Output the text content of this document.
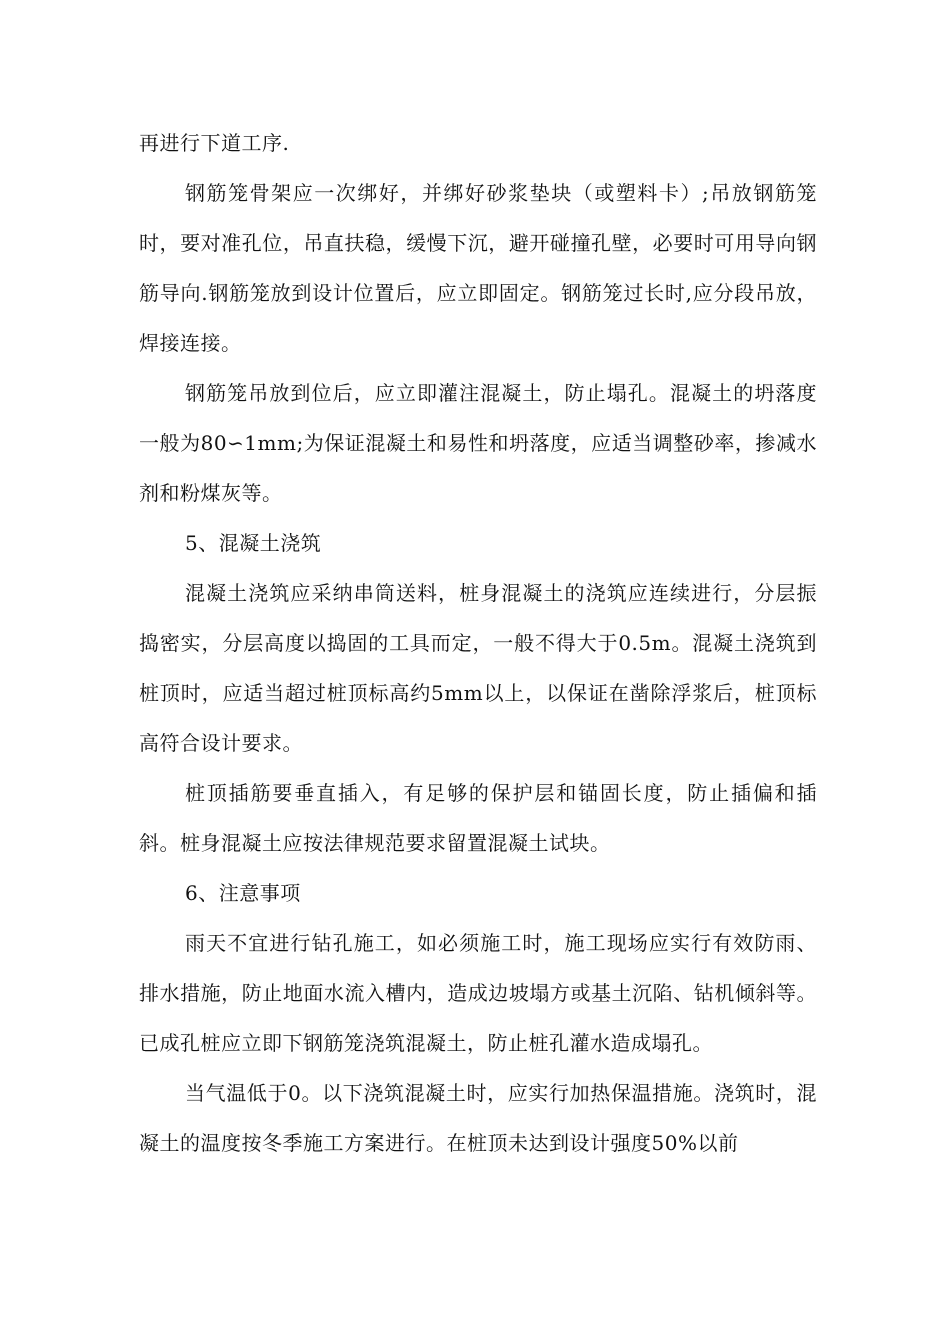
再进行下道工序.

钢筋笼骨架应一次绑好，并绑好砂浆垫块（或塑料卡）;吊放钢筋笼时，要对准孔位，吊直扶稳，缓慢下沉，避开碰撞孔壁，必要时可用导向钢筋导向.钢筋笼放到设计位置后，应立即固定。钢筋笼过长时,应分段吊放，焊接连接。

钢筋笼吊放到位后，应立即灌注混凝土，防止塌孔。混凝土的坍落度一般为80∽1mm;为保证混凝土和易性和坍落度，应适当调整砂率，掺减水剂和粉煤灰等。

5、混凝土浇筑

混凝土浇筑应采纳串筒送料，桩身混凝土的浇筑应连续进行，分层振捣密实，分层高度以捣固的工具而定，一般不得大于0.5m。混凝土浇筑到桩顶时，应适当超过桩顶标高约5mm以上，以保证在凿除浮浆后，桩顶标高符合设计要求。

桩顶插筋要垂直插入，有足够的保护层和锚固长度，防止插偏和插斜。桩身混凝土应按法律规范要求留置混凝土试块。

6、注意事项

雨天不宜进行钻孔施工，如必须施工时，施工现场应实行有效防雨、排水措施，防止地面水流入槽内，造成边坡塌方或基土沉陷、钻机倾斜等。已成孔桩应立即下钢筋笼浇筑混凝土，防止桩孔灌水造成塌孔。

当气温低于0。以下浇筑混凝土时，应实行加热保温措施。浇筑时，混凝土的温度按冬季施工方案进行。在桩顶未达到设计强度50%以前
